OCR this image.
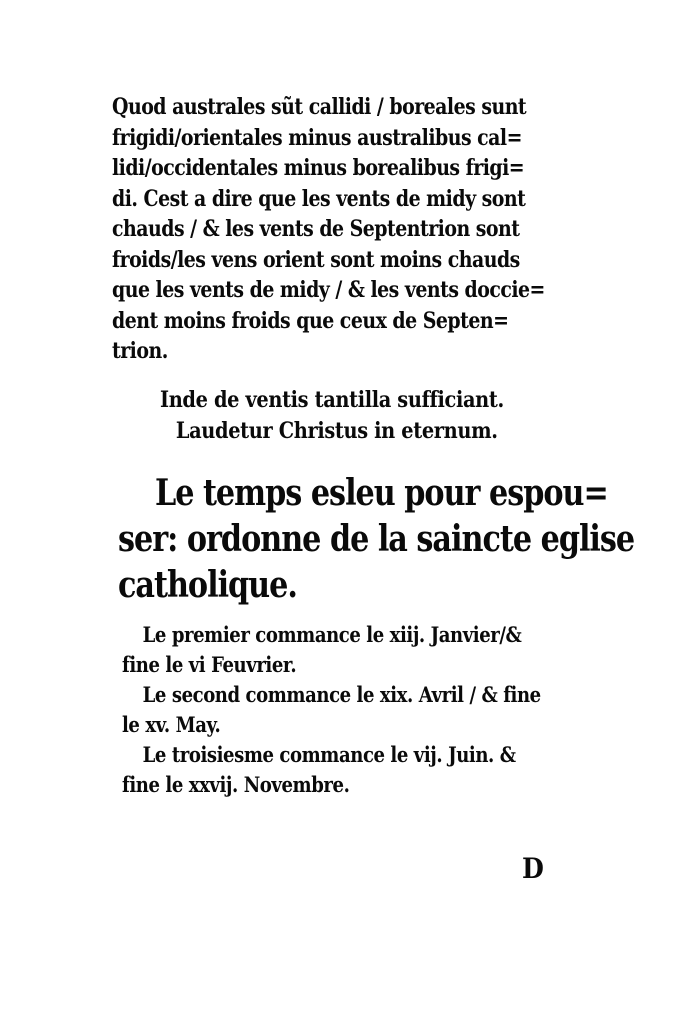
Quod australes sũt callidi / boreales sunt
frigidi/orientales minus australibus cal=
lidi/occidentales minus borealibus frigi=
di. Cest a dire que les vents de midy sont
chauds / & les vents de Septentrion sont
froids/les vens orient sont moins chauds
que les vents de midy / & les vents doccie=
dent moins froids que ceux de Septen=
trion.
Inde de ventis tantilla sufficiant.
Laudetur Christus in eternum.
Le temps esleu pour espou=
ser: ordonne de la saincte eglise
catholique.
Le premier commance le xiij. Janvier/&
fine le vi Feuvrier.
Le second commance le xix. Avril / & fine
le xv. May.
Le troisiesme commance le vij. Juin. &
fine le xxvij. Novembre.
D
